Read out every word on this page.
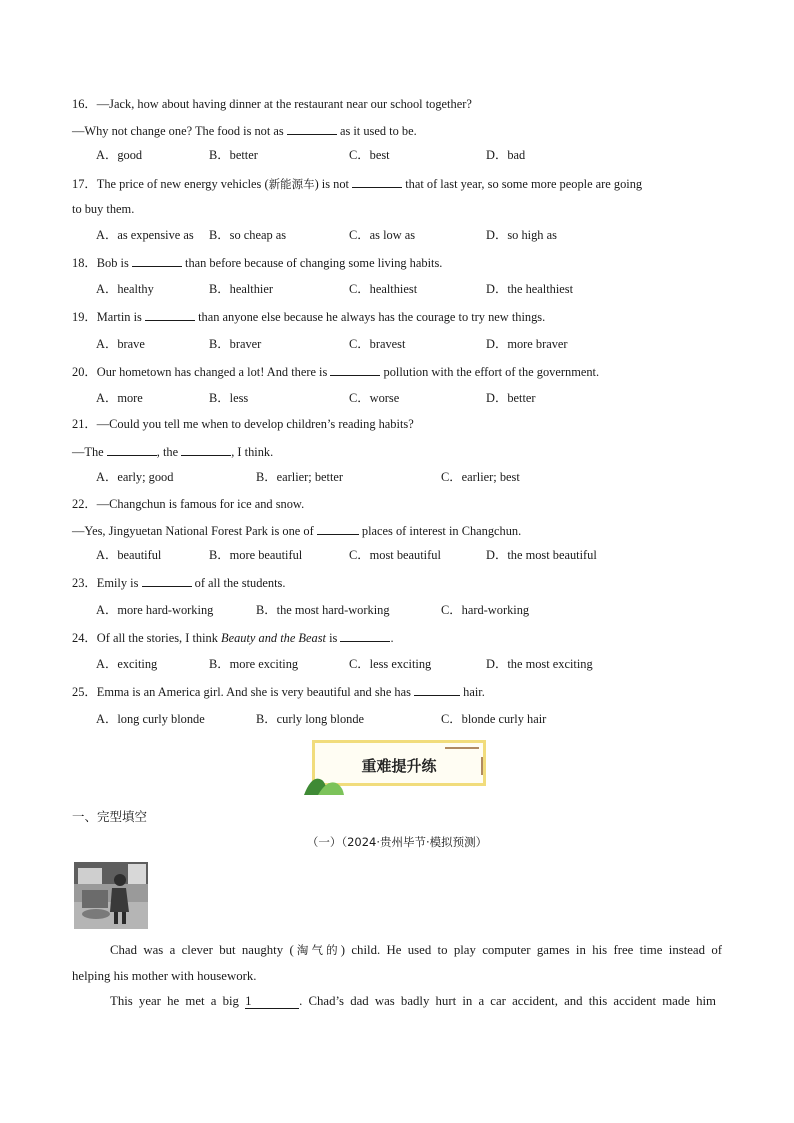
16．—Jack, how about having dinner at the restaurant near our school together?
—Why not change one? The food is not as	as it used to be.
A．good	B．better	C．best	D．bad
17．The price of new energy vehicles (新能源车) is not	that of last year, so some more people are going
to buy them.
A．as expensive as B．so cheap as	C．as low as	D．so high as
18．Bob is	than before because of changing some living habits.
A．healthy	B．healthier	C．healthiest	D．the healthiest
19．Martin is	than anyone else because he always has the courage to try new things.
A．brave	B．braver	C．bravest	D．more braver
20．Our hometown has changed a lot! And there is	pollution with the effort of the government.
A．more	B．less	C．worse	D．better
21．—Could you tell me when to develop children’s reading habits?
—The	, the	, I think.
A．early; good	B．earlier; better	C．earlier; best
22．—Changchun is famous for ice and snow.
—Yes, Jingyuetan National Forest Park is one of	places of interest in Changchun.
A．beautiful	B．more beautiful	C．most beautiful	D．the most beautiful
23．Emily is	of all the students.
A．more hard-working	B．the most hard-working	C．hard-working
24．Of all the stories, I think Beauty and the Beast is	.
A．exciting	B．more exciting	C．less exciting	D．the most exciting
25．Emma is an America girl. And she is very beautiful and she has	hair.
A．long curly blonde	B．curly long blonde	C．blonde curly hair
重难提升练
一、完型填空
（一）（2024·贵州毕节·模拟预测）
Chad was a clever but naughty (淘气的) child. He used to play computer games in his free time instead of
helping his mother with housework.
This year he met a big 1	. Chad’s dad was badly hurt in a car accident, and this accident made him
